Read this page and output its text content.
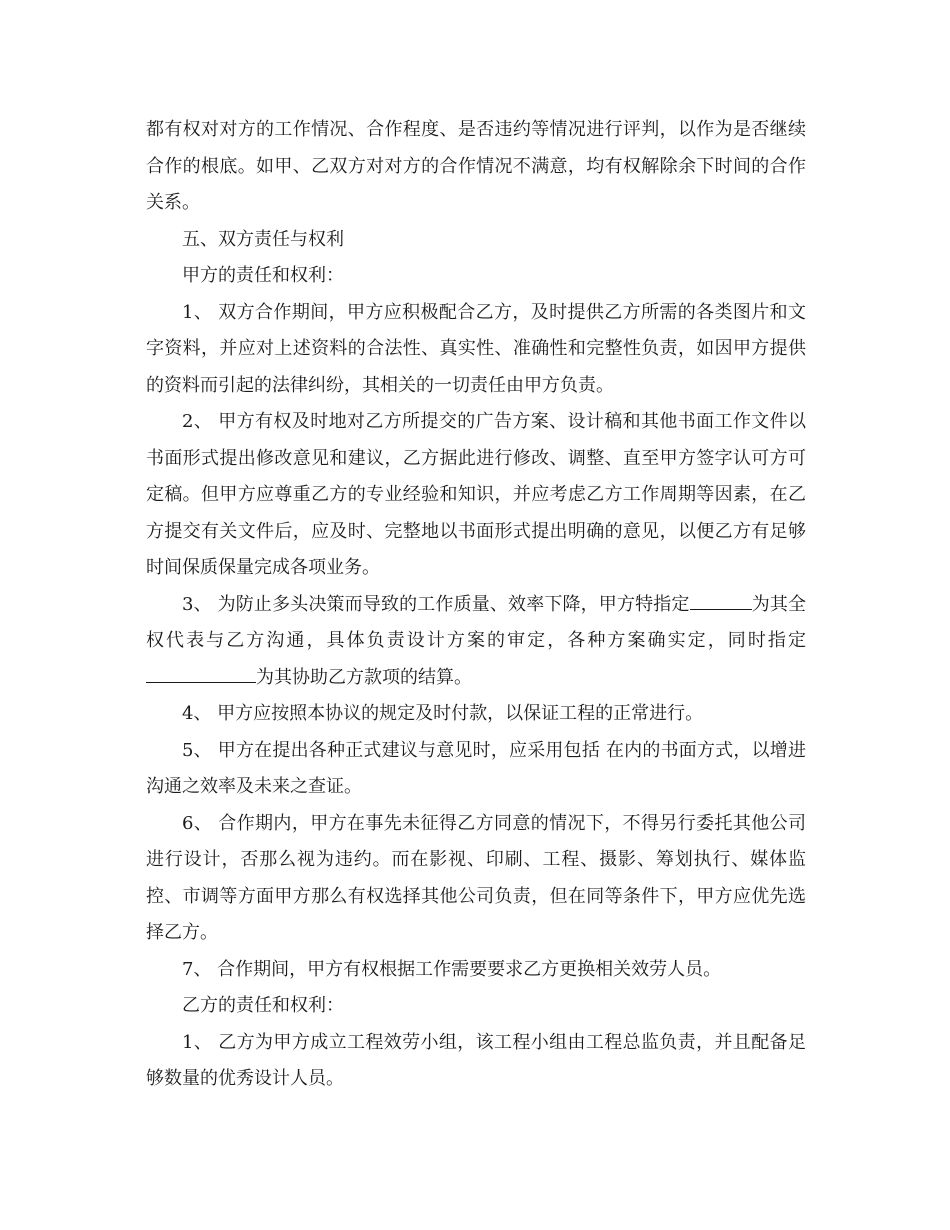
都有权对对方的工作情况、合作程度、是否违约等情况进行评判，以作为是否继续合作的根底。如甲、乙双方对对方的合作情况不满意，均有权解除余下时间的合作关系。

五、双方责任与权利

甲方的责任和权利：

1、 双方合作期间，甲方应积极配合乙方，及时提供乙方所需的各类图片和文字资料，并应对上述资料的合法性、真实性、准确性和完整性负责，如因甲方提供的资料而引起的法律纠纷，其相关的一切责任由甲方负责。

2、 甲方有权及时地对乙方所提交的广告方案、设计稿和其他书面工作文件以书面形式提出修改意见和建议，乙方据此进行修改、调整、直至甲方签字认可方可定稿。但甲方应尊重乙方的专业经验和知识，并应考虑乙方工作周期等因素，在乙方提交有关文件后，应及时、完整地以书面形式提出明确的意见，以便乙方有足够时间保质保量完成各项业务。

3、 为防止多头决策而导致的工作质量、效率下降，甲方特指定	为其全权代表与乙方沟通，具体负责设计方案的审定，各种方案确实定，同时指定为其协助乙方款项的结算。

4、 甲方应按照本协议的规定及时付款，以保证工程的正常进行。

5、 甲方在提出各种正式建议与意见时，应采用包括 在内的书面方式，以增进沟通之效率及未来之查证。

6、 合作期内，甲方在事先未征得乙方同意的情况下，不得另行委托其他公司进行设计，否那么视为违约。而在影视、印刷、工程、摄影、筹划执行、媒体监控、市调等方面甲方那么有权选择其他公司负责，但在同等条件下，甲方应优先选择乙方。

7、 合作期间，甲方有权根据工作需要要求乙方更换相关效劳人员。

乙方的责任和权利：

1、 乙方为甲方成立工程效劳小组，该工程小组由工程总监负责，并且配备足够数量的优秀设计人员。
